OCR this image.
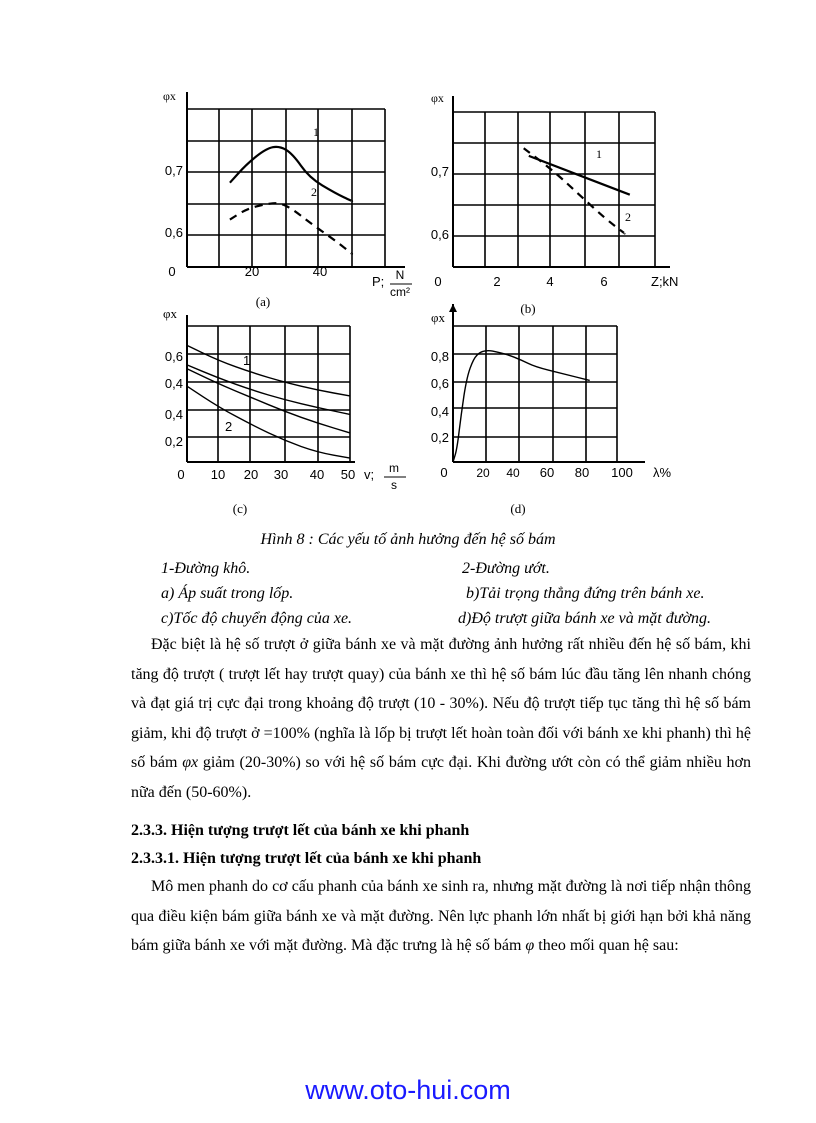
φx
0,7
0,6
20	40
0
(a)
P; N
cm²
φx
0,7
0,6
2	4	6
0
(b)
Z;kN
φx
0,6
0,4
0,4
0,2
10 20 30 40 50
0
(c)
v; m
s
φx
0,8
0,6
0,4
0,2
20 40 60 80 100
0
(d)
λ%
1
2
1
2
1
2
Hình 8 : Các yếu tố ảnh hưởng đến hệ số bám
1-Đường khô.	2-Đường ướt.
a) Áp suất trong lốp.	b)Tải trọng thẳng đứng trên bánh xe.
c)Tốc độ chuyển động của xe.	d)Độ trượt giữa bánh xe và mặt đường.

Đặc biệt là hệ số trượt ở giữa bánh xe và mặt đường ảnh hưởng rất nhiều đến hệ số bám, khi tăng độ trượt ( trượt lết hay trượt quay) của bánh xe thì hệ số bám lúc đầu tăng lên nhanh chóng và đạt giá trị cực đại trong khoảng độ trượt (10 - 30%). Nếu độ trượt tiếp tục tăng thì hệ số bám giảm, khi độ trượt ở =100% (nghĩa là lốp bị trượt lết hoàn toàn đối với bánh xe khi phanh) thì hệ số bám φx giảm (20-30%) so với hệ số bám cực đại. Khi đường ướt còn có thể giảm nhiều hơn nữa đến (50-60%).

2.3.3. Hiện tượng trượt lết của bánh xe khi phanh
2.3.3.1. Hiện tượng trượt lết của bánh xe khi phanh

Mô men phanh do cơ cấu phanh của bánh xe sinh ra, nhưng mặt đường là nơi tiếp nhận thông qua điều kiện bám giữa bánh xe và mặt đường. Nên lực phanh lớn nhất bị giới hạn bởi khả năng bám giữa bánh xe với mặt đường. Mà đặc trưng là hệ số bám φ theo mối quan hệ sau:

www.oto-hui.com
